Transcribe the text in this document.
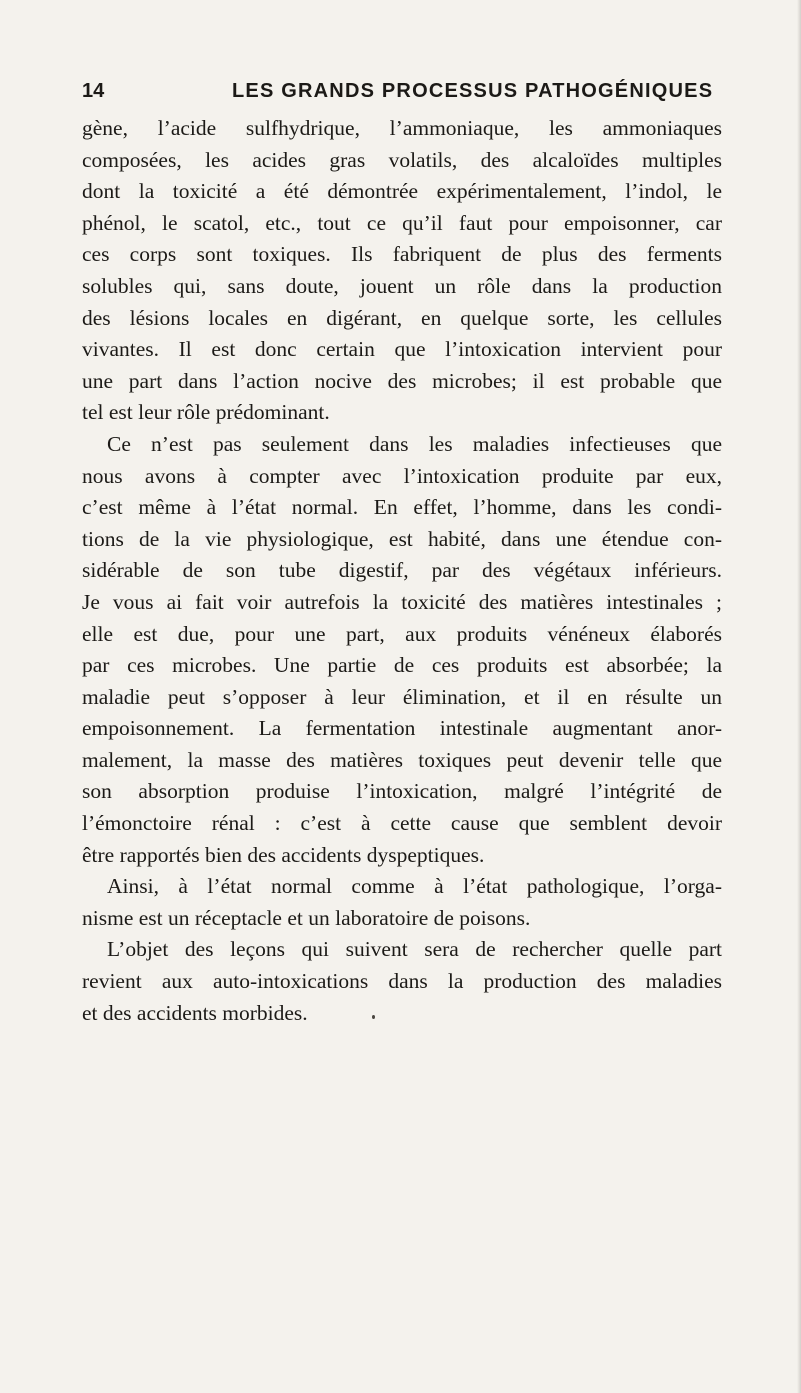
14	LES GRANDS PROCESSUS PATHOGÉNIQUES
gène, l’acide sulfhydrique, l’ammoniaque, les ammoniaques
composées, les acides gras volatils, des alcaloïdes multiples
dont la toxicité a été démontrée expérimentalement, l’indol, le
phénol, le scatol, etc., tout ce qu’il faut pour empoisonner, car
ces corps sont toxiques. Ils fabriquent de plus des ferments
solubles qui, sans doute, jouent un rôle dans la production
des lésions locales en digérant, en quelque sorte, les cellules
vivantes. Il est donc certain que l’intoxication intervient pour
une part dans l’action nocive des microbes; il est probable que
tel est leur rôle prédominant.
Ce n’est pas seulement dans les maladies infectieuses que
nous avons à compter avec l’intoxication produite par eux,
c’est même à l’état normal. En effet, l’homme, dans les condi-
tions de la vie physiologique, est habité, dans une étendue con-
sidérable de son tube digestif, par des végétaux inférieurs.
Je vous ai fait voir autrefois la toxicité des matières intestinales ;
elle est due, pour une part, aux produits vénéneux élaborés
par ces microbes. Une partie de ces produits est absorbée; la
maladie peut s’opposer à leur élimination, et il en résulte un
empoisonnement. La fermentation intestinale augmentant anor-
malement, la masse des matières toxiques peut devenir telle que
son absorption produise l’intoxication, malgré l’intégrité de
l’émonctoire rénal : c’est à cette cause que semblent devoir
être rapportés bien des accidents dyspeptiques.
Ainsi, à l’état normal comme à l’état pathologique, l’orga-
nisme est un réceptacle et un laboratoire de poisons.
L’objet des leçons qui suivent sera de rechercher quelle part
revient aux auto-intoxications dans la production des maladies
et des accidents morbides.
